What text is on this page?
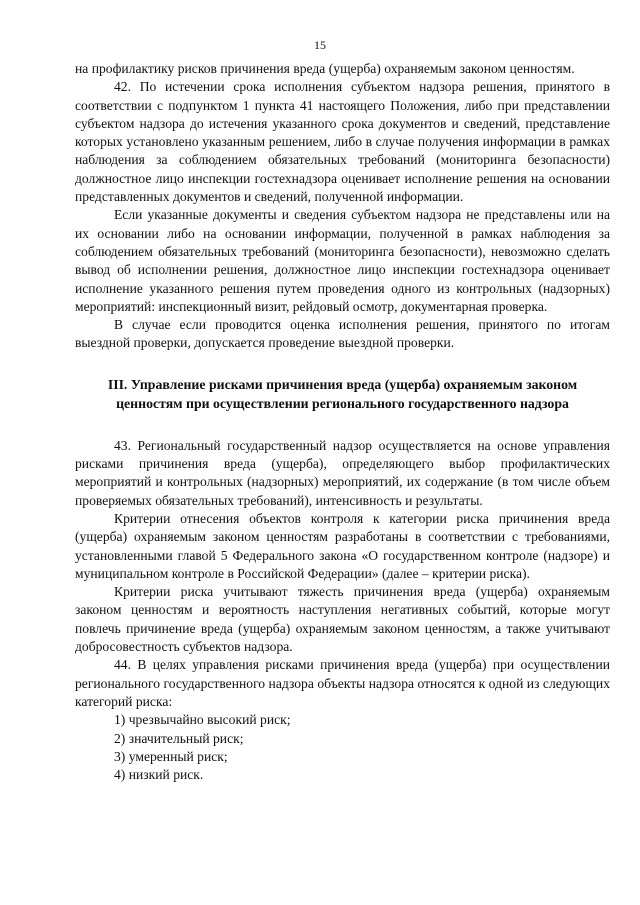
15

на профилактику рисков причинения вреда (ущерба) охраняемым законом ценностям.

42. По истечении срока исполнения субъектом надзора решения, принятого в соответствии с подпунктом 1 пункта 41 настоящего Положения, либо при представлении субъектом надзора до истечения указанного срока документов и сведений, представление которых установлено указанным решением, либо в случае получения информации в рамках наблюдения за соблюдением обязательных требований (мониторинга безопасности) должностное лицо инспекции гостехнадзора оценивает исполнение решения на основании представленных документов и сведений, полученной информации.

Если указанные документы и сведения субъектом надзора не представлены или на их основании либо на основании информации, полученной в рамках наблюдения за соблюдением обязательных требований (мониторинга безопасности), невозможно сделать вывод об исполнении решения, должностное лицо инспекции гостехнадзора оценивает исполнение указанного решения путем проведения одного из контрольных (надзорных) мероприятий: инспекционный визит, рейдовый осмотр, документарная проверка.

В случае если проводится оценка исполнения решения, принятого по итогам выездной проверки, допускается проведение выездной проверки.

III. Управление рисками причинения вреда (ущерба) охраняемым законом
ценностям при осуществлении регионального государственного надзора

43. Региональный государственный надзор осуществляется на основе управления рисками причинения вреда (ущерба), определяющего выбор профилактических мероприятий и контрольных (надзорных) мероприятий, их содержание (в том числе объем проверяемых обязательных требований), интенсивность и результаты.

Критерии отнесения объектов контроля к категории риска причинения вреда (ущерба) охраняемым законом ценностям разработаны в соответствии с требованиями, установленными главой 5 Федерального закона «О государственном контроле (надзоре) и муниципальном контроле в Российской Федерации» (далее – критерии риска).

Критерии риска учитывают тяжесть причинения вреда (ущерба) охраняемым законом ценностям и вероятность наступления негативных событий, которые могут повлечь причинение вреда (ущерба) охраняемым законом ценностям, а также учитывают добросовестность субъектов надзора.

44. В целях управления рисками причинения вреда (ущерба) при осуществлении регионального государственного надзора объекты надзора относятся к одной из следующих категорий риска:

1) чрезвычайно высокий риск;

2) значительный риск;

3) умеренный риск;

4) низкий риск.
